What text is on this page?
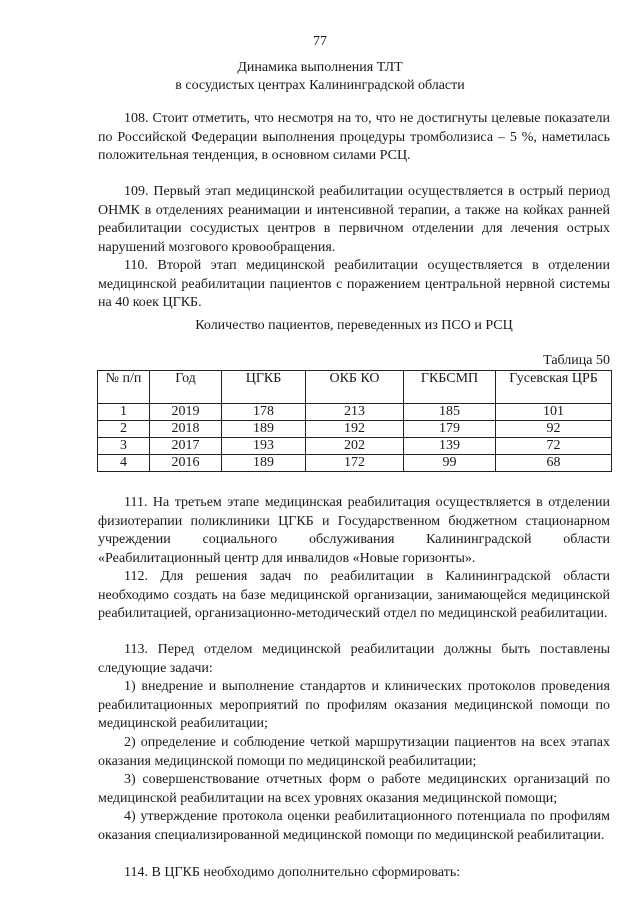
77
Динамика выполнения ТЛТ
в сосудистых центрах Калининградской области

108. Стоит отметить, что несмотря на то, что не достигнуты целевые показатели по Российской Федерации выполнения процедуры тромболизиса – 5 %, наметилась положительная тенденция, в основном силами РСЦ.

109. Первый этап медицинской реабилитации осуществляется в острый период ОНМК в отделениях реанимации и интенсивной терапии, а также на койках ранней реабилитации сосудистых центров в первичном отделении для лечения острых нарушений мозгового кровообращения.

110. Второй этап медицинской реабилитации осуществляется в отделении медицинской реабилитации пациентов с поражением центральной нервной системы на 40 коек ЦГКБ.

Количество пациентов, переведенных из ПСО и РСЦ
Таблица 50
№ п/п	Год	ЦГКБ	ОКБ КО	ГКБСМП	Гусевская ЦРБ
1	2019	178	213	185	101
2	2018	189	192	179	92
3	2017	193	202	139	72
4	2016	189	172	99	68

111. На третьем этапе медицинская реабилитация осуществляется в отделении физиотерапии поликлиники ЦГКБ и Государственном бюджетном стационарном учреждении социального обслуживания Калининградской области «Реабилитационный центр для инвалидов «Новые горизонты».

112. Для решения задач по реабилитации в Калининградской области необходимо создать на базе медицинской организации, занимающейся медицинской реабилитацией, организационно-методический отдел по медицинской реабилитации.

113. Перед отделом медицинской реабилитации должны быть поставлены следующие задачи:

1) внедрение и выполнение стандартов и клинических протоколов проведения реабилитационных мероприятий по профилям оказания медицинской помощи по медицинской реабилитации;

2) определение и соблюдение четкой маршрутизации пациентов на всех этапах оказания медицинской помощи по медицинской реабилитации;

3) совершенствование отчетных форм о работе медицинских организаций по медицинской реабилитации на всех уровнях оказания медицинской помощи;

4) утверждение протокола оценки реабилитационного потенциала по профилям оказания специализированной медицинской помощи по медицинской реабилитации.

114. В ЦГКБ необходимо дополнительно сформировать:
